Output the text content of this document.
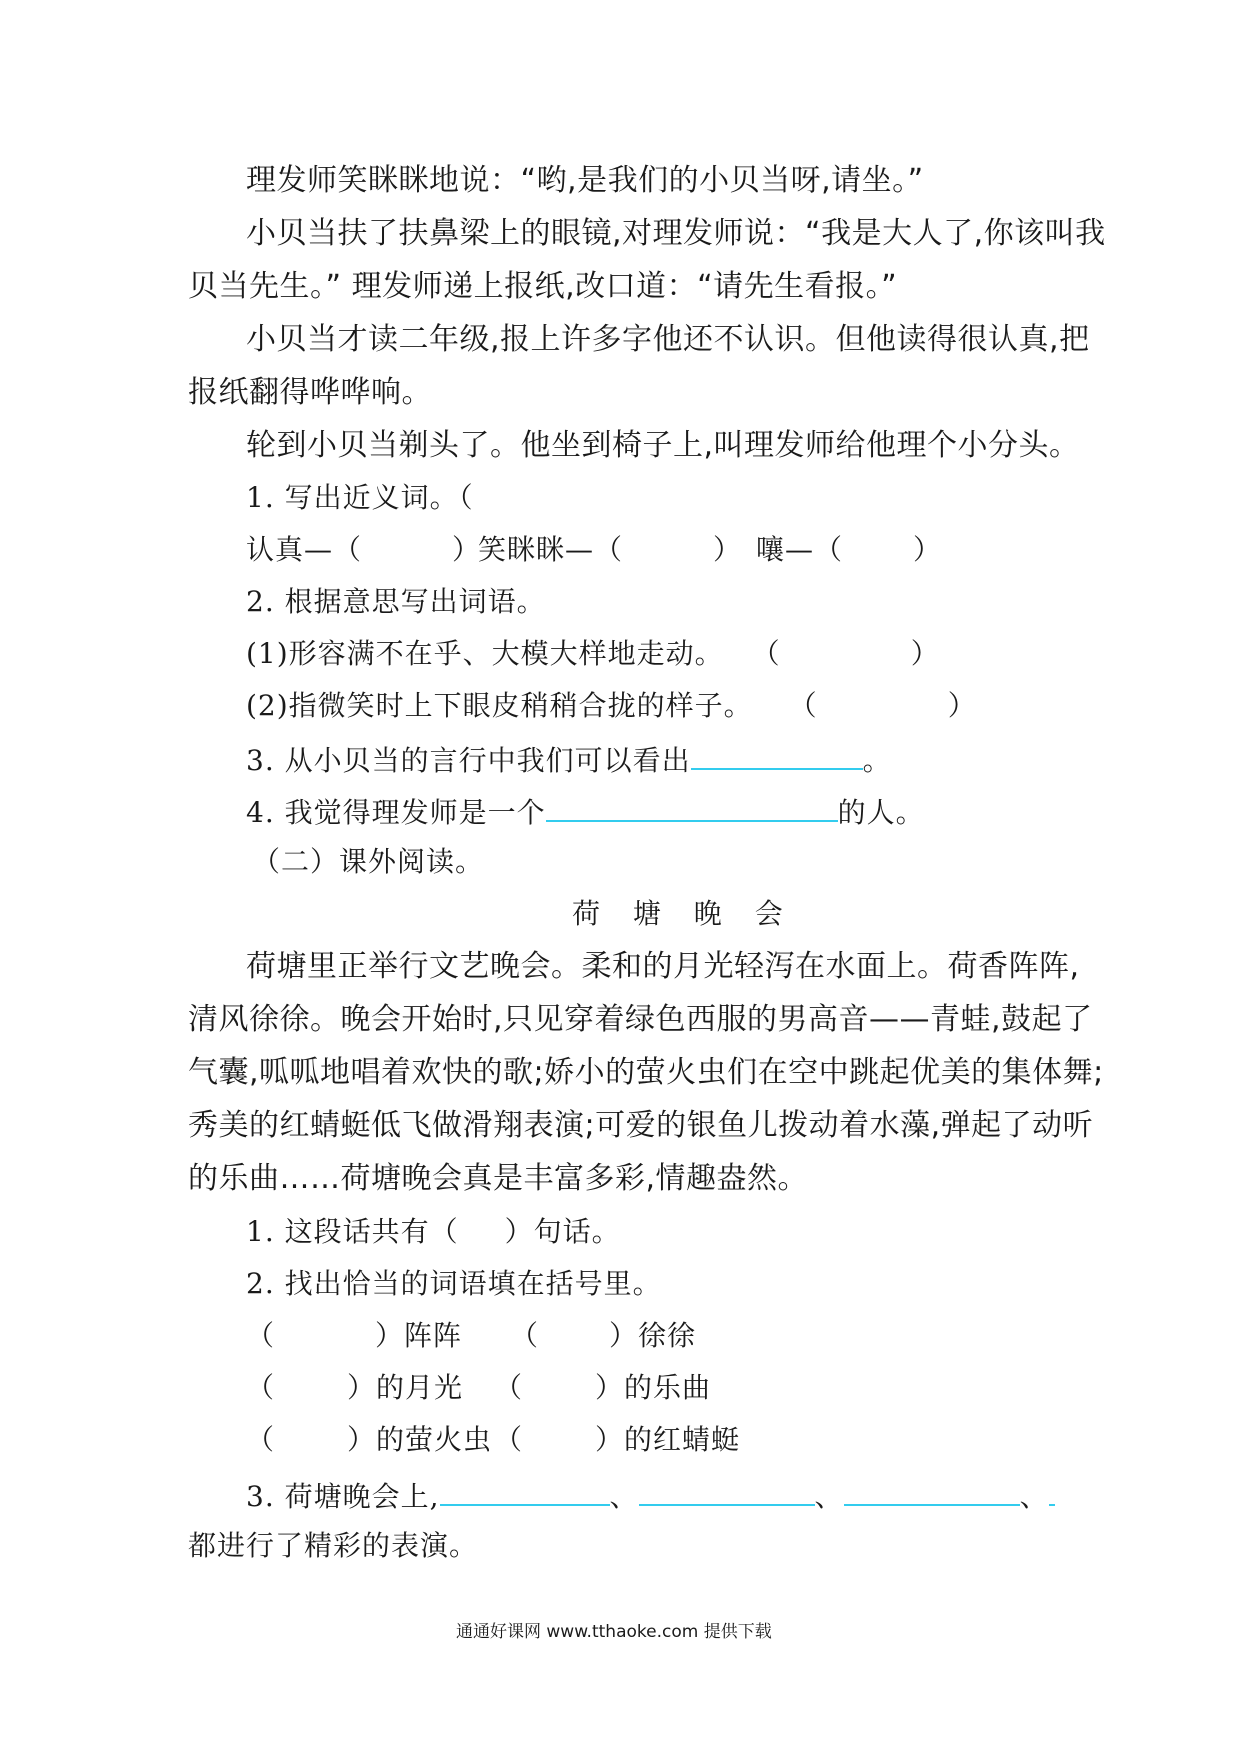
理发师笑眯眯地说：“哟,是我们的小贝当呀,请坐。”
小贝当扶了扶鼻梁上的眼镜,对理发师说：“我是大人了,你该叫我
贝当先生。” 理发师递上报纸,改口道：“请先生看报。”
小贝当才读二年级,报上许多字他还不认识。但他读得很认真,把
报纸翻得哗哗响。
轮到小贝当剃头了。他坐到椅子上,叫理发师给他理个小分头。
1. 写出近义词。（
认真—（	）
笑眯眯—（	） 嚷—（	）
2. 根据意思写出词语。
(1)形容满不在乎、大模大样地走动。 （	）
(2)指微笑时上下眼皮稍稍合拢的样子。 （	）
3. 从小贝当的言行中我们可以看出	。
4. 我觉得理发师是一个	的人。
（二）课外阅读。
荷 塘 晚 会
荷塘里正举行文艺晚会。柔和的月光轻泻在水面上。荷香阵阵,
清风徐徐。晚会开始时,只见穿着绿色西服的男高音——青蛙,鼓起了
气囊,呱呱地唱着欢快的歌;娇小的萤火虫们在空中跳起优美的集体舞;
秀美的红蜻蜓低飞做滑翔表演;可爱的银鱼儿拨动着水藻,弹起了动听
的乐曲……荷塘晚会真是丰富多彩,情趣盎然。
1. 这段话共有（ ）句话。
2. 找出恰当的词语填在括号里。
（	）阵阵 （	）徐徐
（	）的月光 （	）的乐曲
（	）的萤火虫 （	）的红蜻蜓
3. 荷塘晚会上,	、	、	、
都进行了精彩的表演。
通通好课网 www.tthaoke.com 提供下载
